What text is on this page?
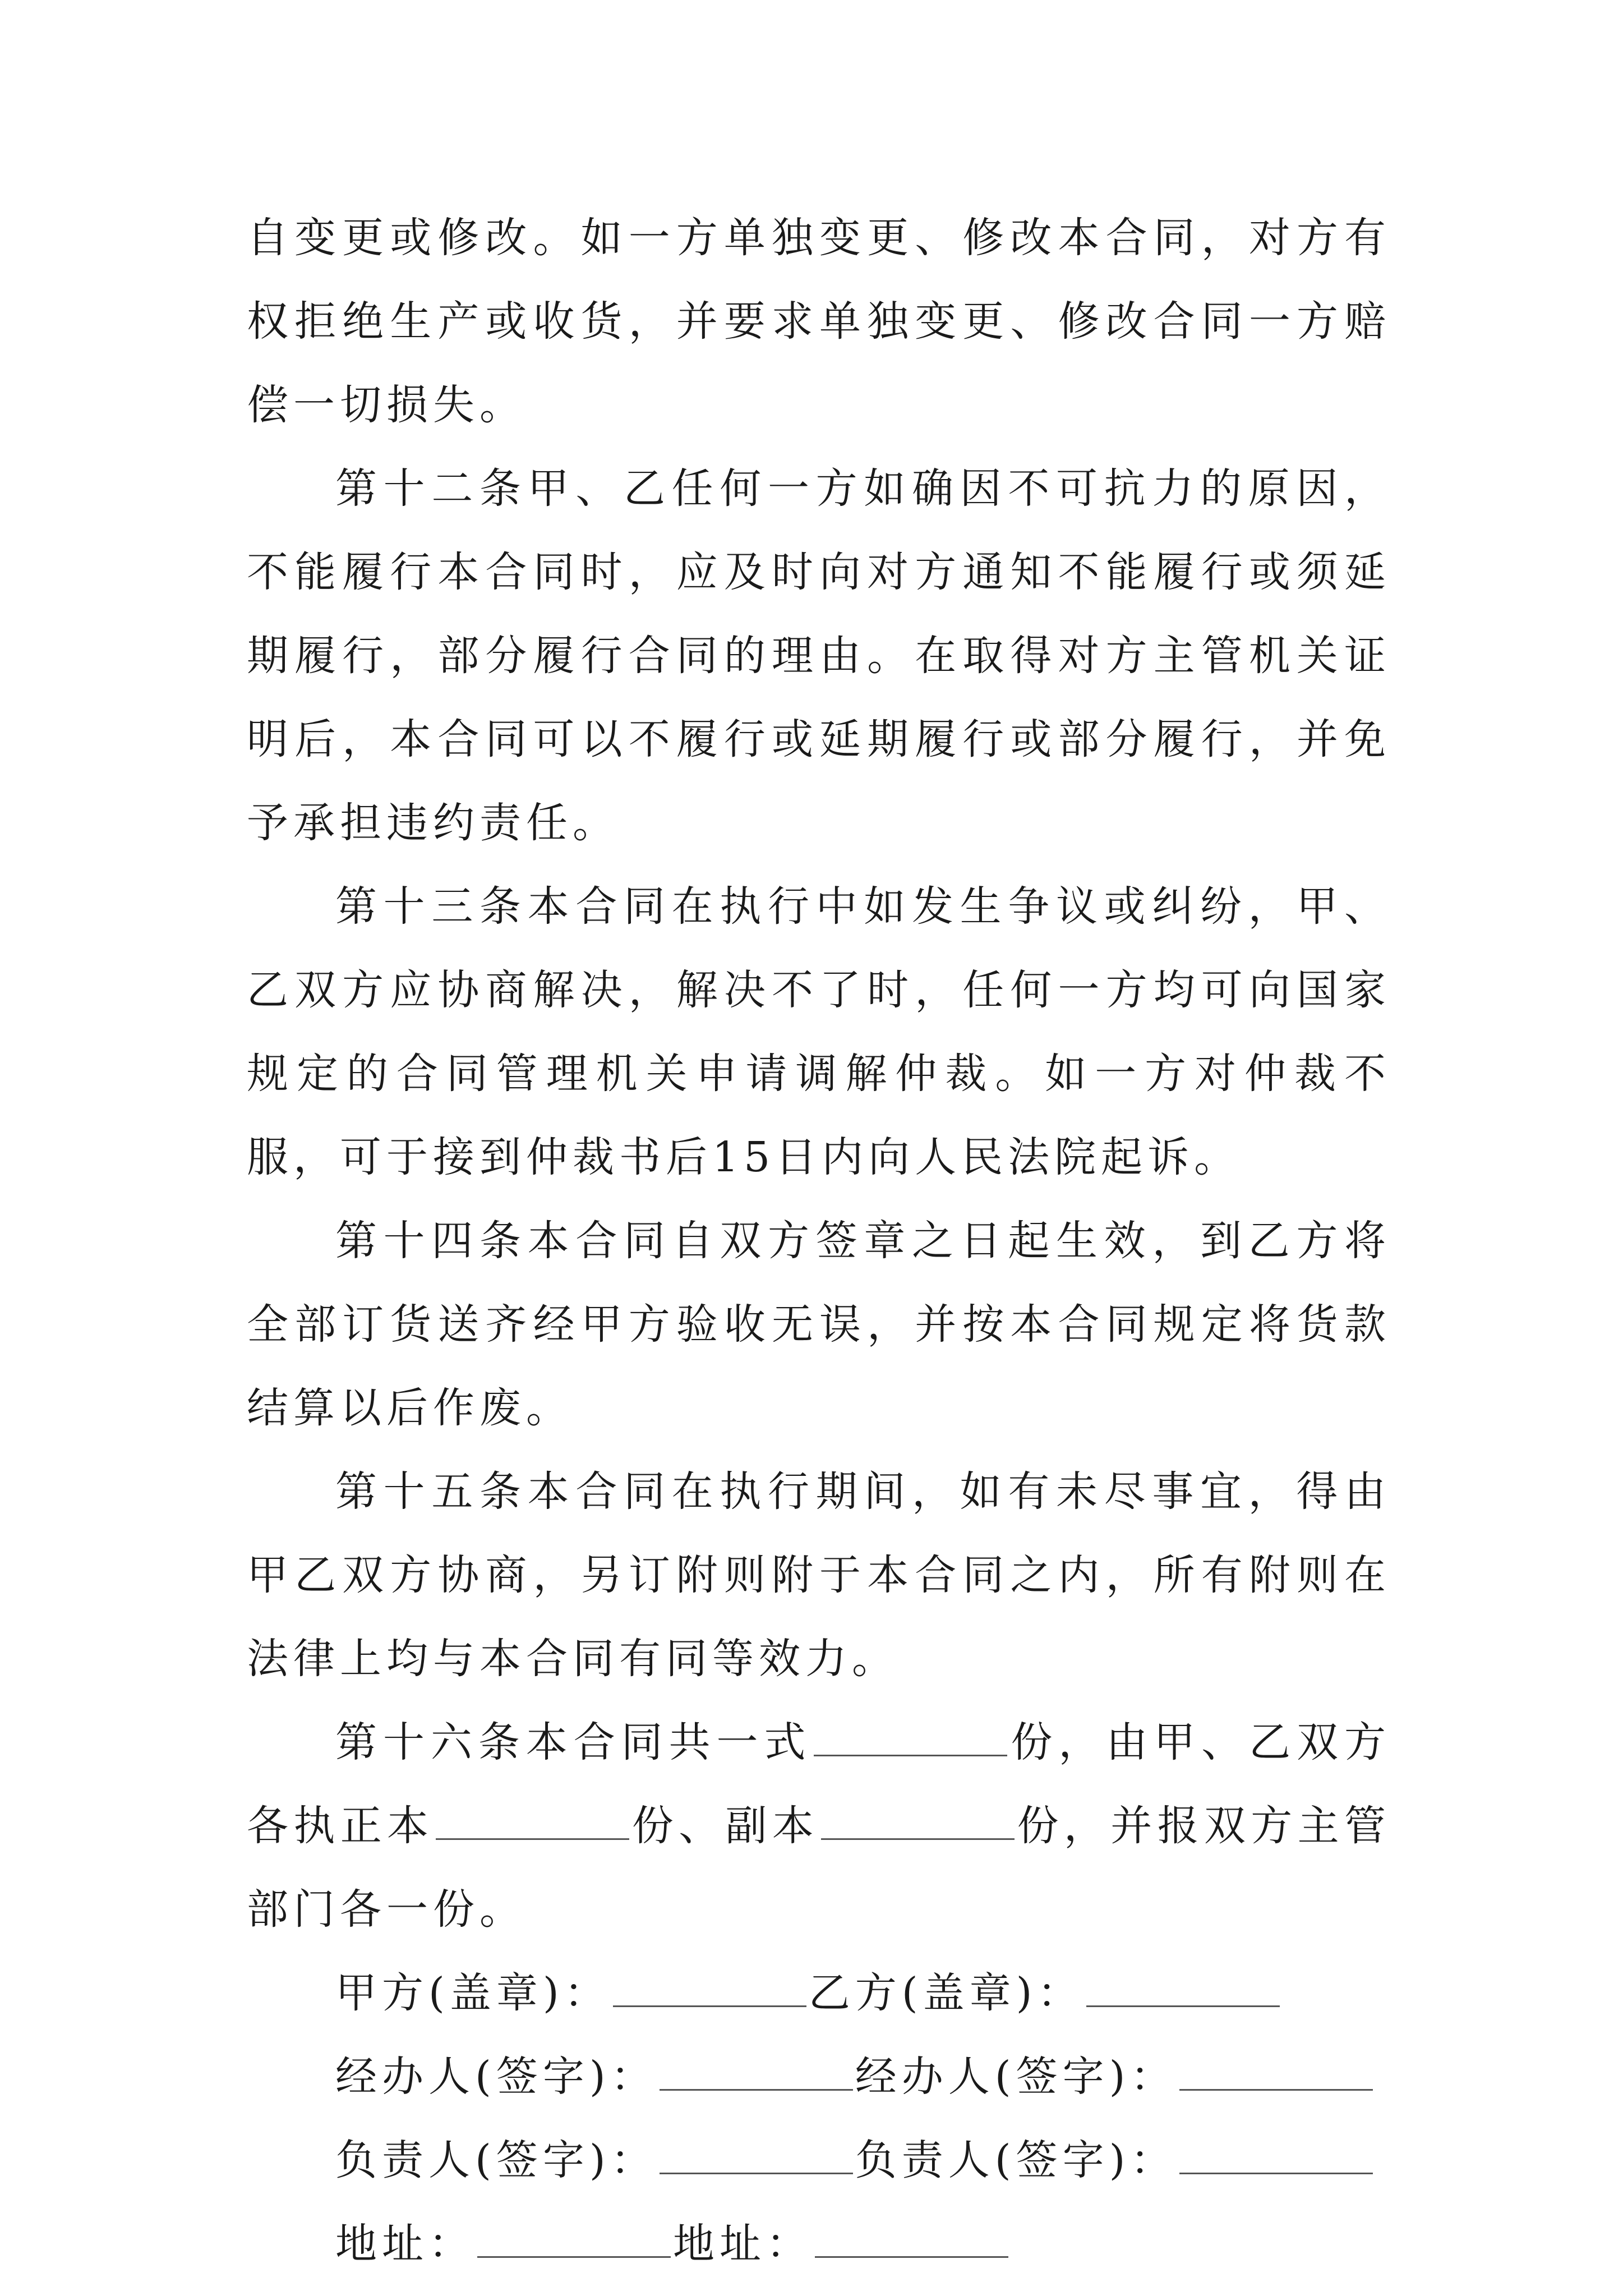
自变更或修改。如一方单独变更、修改本合同，对方有权拒绝生产或收货，并要求单独变更、修改合同一方赔偿一切损失。

第十二条甲、乙任何一方如确因不可抗力的原因，不能履行本合同时，应及时向对方通知不能履行或须延期履行，部分履行合同的理由。在取得对方主管机关证明后，本合同可以不履行或延期履行或部分履行，并免予承担违约责任。

第十三条本合同在执行中如发生争议或纠纷，甲、乙双方应协商解决，解决不了时，任何一方均可向国家规定的合同管理机关申请调解仲裁。如一方对仲裁不服，可于接到仲裁书后15日内向人民法院起诉。

第十四条本合同自双方签章之日起生效，到乙方将全部订货送齐经甲方验收无误，并按本合同规定将货款结算以后作废。

第十五条本合同在执行期间，如有未尽事宜，得由甲乙双方协商，另订附则附于本合同之内，所有附则在法律上均与本合同有同等效力。

第十六条本合同共一式	份，由甲、乙双方各执正本	份、副本	份，并报双方主管部门各一份。

甲方(盖章)：	乙方(盖章)：

经办人(签字)：	经办人(签字)：

负责人(签字)：	负责人(签字)：

地址：	地址：
